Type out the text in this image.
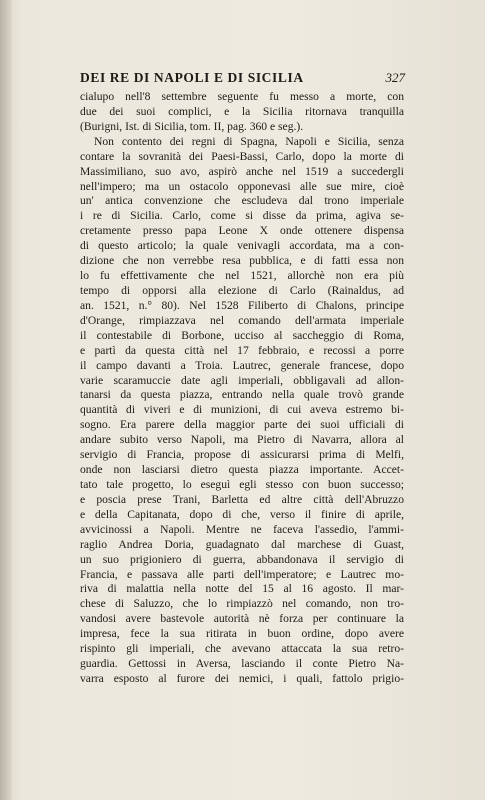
DEI RE DI NAPOLI E DI SICILIA	327
cialupo nell'8 settembre seguente fu messo a morte, con
due dei suoi complici, e la Sicilia ritornava tranquilla
(Burigni, Ist. di Sicilia, tom. II, pag. 360 e seg.).
Non contento dei regni di Spagna, Napoli e Sicilia, senza
contare la sovranità dei Paesi-Bassi, Carlo, dopo la morte di
Massimiliano, suo avo, aspirò anche nel 1519 a succedergli
nell'impero; ma un ostacolo opponevasi alle sue mire, cioè
un' antica convenzione che escludeva dal trono imperiale
i re di Sicilia. Carlo, come si disse da prima, agiva se-
cretamente presso papa Leone X onde ottenere dispensa
di questo articolo; la quale venivagli accordata, ma a con-
dizione che non verrebbe resa pubblica, e di fatti essa non
lo fu effettivamente che nel 1521, allorchè non era più
tempo di opporsi alla elezione di Carlo (Rainaldus, ad
an. 1521, n.° 80). Nel 1528 Filiberto di Chalons, principe
d'Orange, rimpiazzava nel comando dell'armata imperiale
il contestabile di Borbone, ucciso al saccheggio di Roma,
e partì da questa città nel 17 febbraio, e recossi a porre
il campo davanti a Troia. Lautrec, generale francese, dopo
varie scaramuccie date agli imperiali, obbligavali ad allon-
tanarsi da questa piazza, entrando nella quale trovò grande
quantità di viveri e di munizioni, di cui aveva estremo bi-
sogno. Era parere della maggior parte dei suoi ufficiali di
andare subito verso Napoli, ma Pietro di Navarra, allora al
servigio di Francia, propose di assicurarsi prima di Melfi,
onde non lasciarsi dietro questa piazza importante. Accet-
tato tale progetto, lo eseguì egli stesso con buon successo;
e poscia prese Trani, Barletta ed altre città dell'Abruzzo
e della Capitanata, dopo di che, verso il finire di aprile,
avvicinossi a Napoli. Mentre ne faceva l'assedio, l'ammi-
raglio Andrea Doria, guadagnato dal marchese di Guast,
un suo prigioniero di guerra, abbandonava il servigio di
Francia, e passava alle parti dell'imperatore; e Lautrec mo-
riva di malattia nella notte del 15 al 16 agosto. Il mar-
chese di Saluzzo, che lo rimpiazzò nel comando, non tro-
vandosi avere bastevole autorità nè forza per continuare la
impresa, fece la sua ritirata in buon ordine, dopo avere
rispinto gli imperiali, che avevano attaccata la sua retro-
guardia. Gettossi in Aversa, lasciando il conte Pietro Na-
varra esposto al furore dei nemici, i quali, fattolo prigio-
